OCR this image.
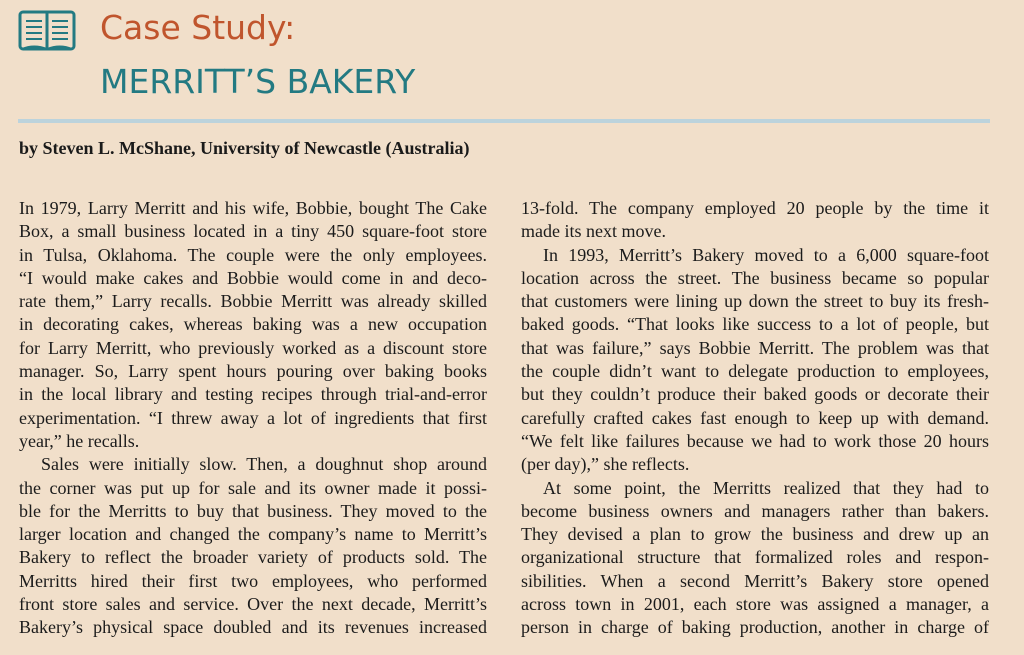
Case Study:
MERRITT’S BAKERY
by Steven L. McShane, University of Newcastle (Australia)
In 1979, Larry Merritt and his wife, Bobbie, bought The Cake
Box, a small business located in a tiny 450 square-foot store
in Tulsa, Oklahoma. The couple were the only employees.
“I would make cakes and Bobbie would come in and deco-
rate them,” Larry recalls. Bobbie Merritt was already skilled
in decorating cakes, whereas baking was a new occupation
for Larry Merritt, who previously worked as a discount store
manager. So, Larry spent hours pouring over baking books
in the local library and testing recipes through trial-and-error
experimentation. “I threw away a lot of ingredients that first
year,” he recalls.
Sales were initially slow. Then, a doughnut shop around
the corner was put up for sale and its owner made it possi-
ble for the Merritts to buy that business. They moved to the
larger location and changed the company’s name to Merritt’s
Bakery to reflect the broader variety of products sold. The
Merritts hired their first two employees, who performed
front store sales and service. Over the next decade, Merritt’s
Bakery’s physical space doubled and its revenues increased
13-fold. The company employed 20 people by the time it
made its next move.
In 1993, Merritt’s Bakery moved to a 6,000 square-foot
location across the street. The business became so popular
that customers were lining up down the street to buy its fresh-
baked goods. “That looks like success to a lot of people, but
that was failure,” says Bobbie Merritt. The problem was that
the couple didn’t want to delegate production to employees,
but they couldn’t produce their baked goods or decorate their
carefully crafted cakes fast enough to keep up with demand.
“We felt like failures because we had to work those 20 hours
(per day),” she reflects.
At some point, the Merritts realized that they had to
become business owners and managers rather than bakers.
They devised a plan to grow the business and drew up an
organizational structure that formalized roles and respon-
sibilities. When a second Merritt’s Bakery store opened
across town in 2001, each store was assigned a manager, a
person in charge of baking production, another in charge of
